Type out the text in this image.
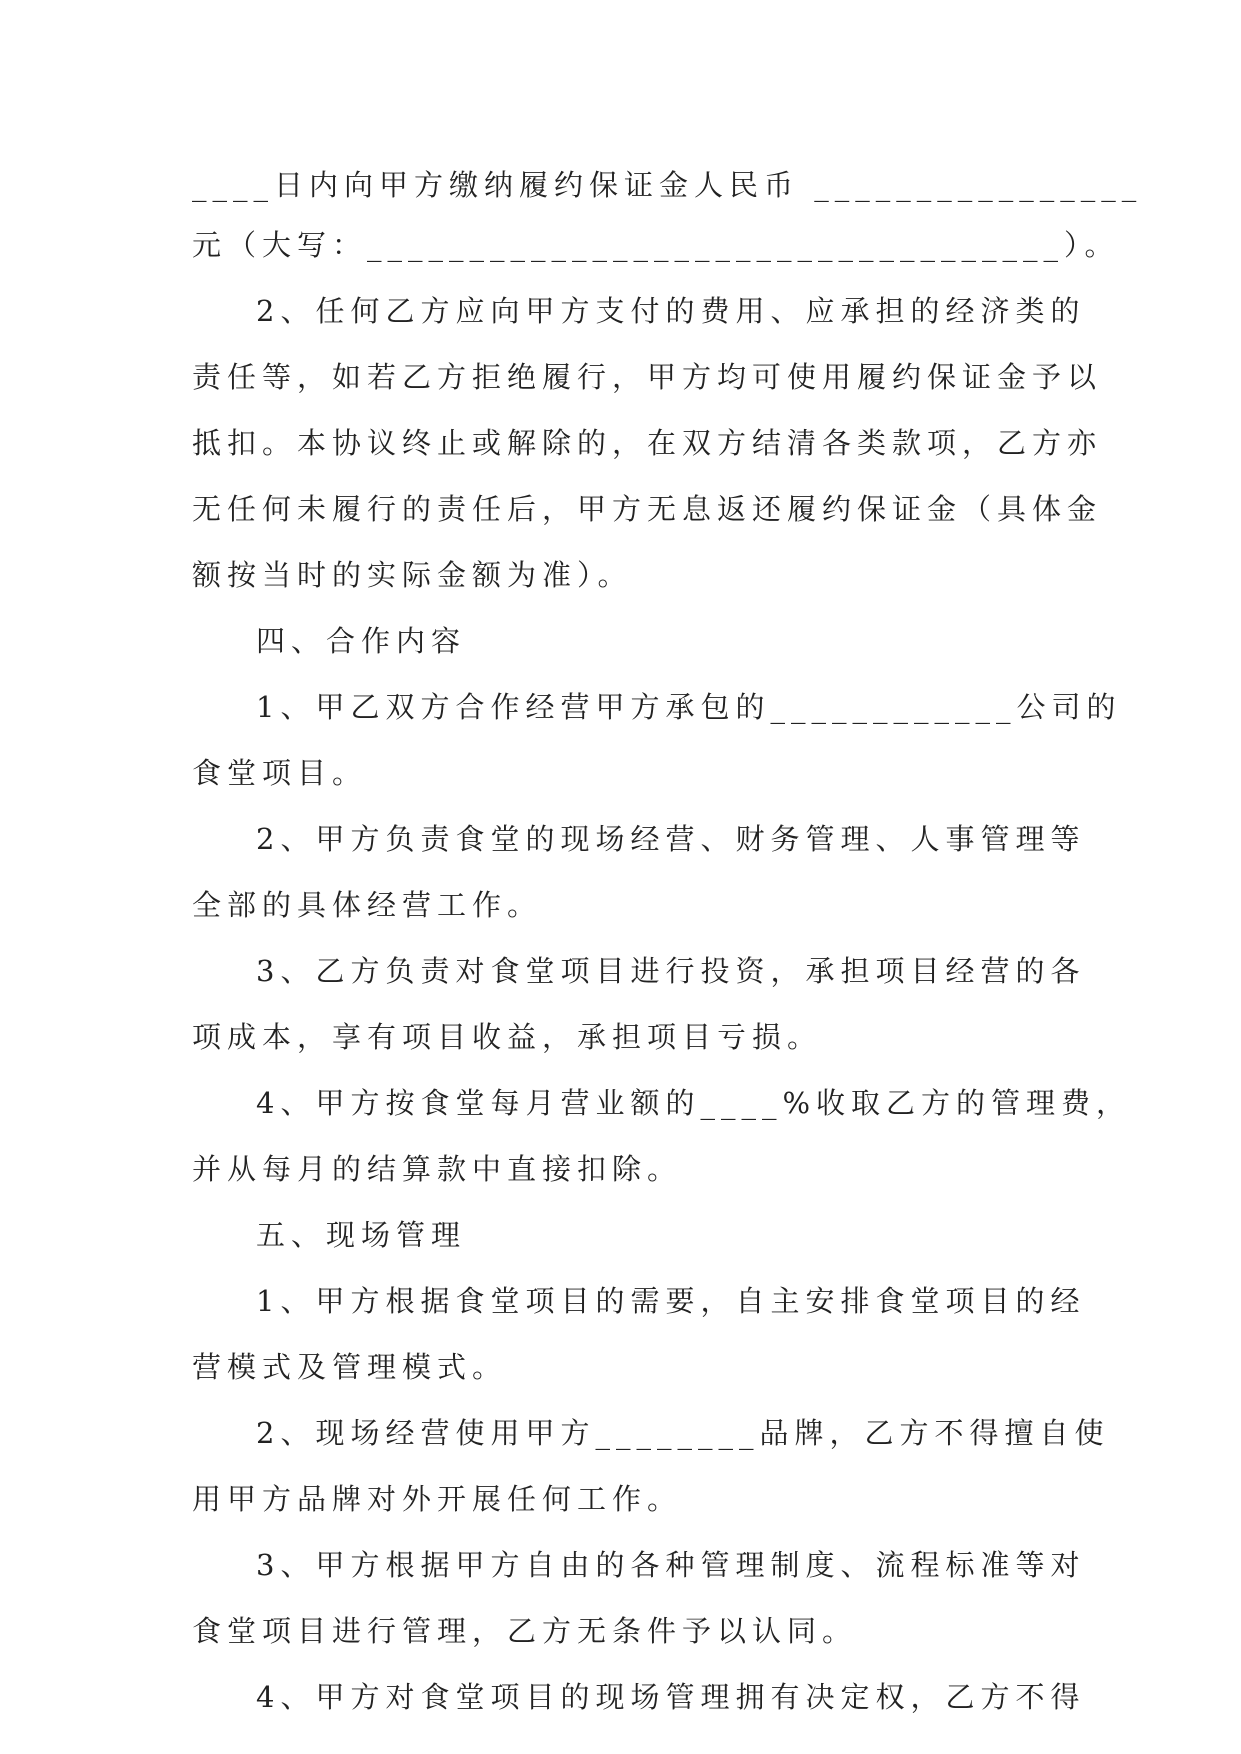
____日内向甲方缴纳履约保证金人民币 ________________
元（大写：__________________________________）。
2、任何乙方应向甲方支付的费用、应承担的经济类的
责任等，如若乙方拒绝履行，甲方均可使用履约保证金予以
抵扣。本协议终止或解除的，在双方结清各类款项，乙方亦
无任何未履行的责任后，甲方无息返还履约保证金（具体金
额按当时的实际金额为准）。
四、合作内容
1、甲乙双方合作经营甲方承包的____________公司的
食堂项目。
2、甲方负责食堂的现场经营、财务管理、人事管理等
全部的具体经营工作。
3、乙方负责对食堂项目进行投资，承担项目经营的各
项成本，享有项目收益，承担项目亏损。
4、甲方按食堂每月营业额的____%收取乙方的管理费，
并从每月的结算款中直接扣除。
五、现场管理
1、甲方根据食堂项目的需要，自主安排食堂项目的经
营模式及管理模式。
2、现场经营使用甲方________品牌，乙方不得擅自使
用甲方品牌对外开展任何工作。
3、甲方根据甲方自由的各种管理制度、流程标准等对
食堂项目进行管理，乙方无条件予以认同。
4、甲方对食堂项目的现场管理拥有决定权，乙方不得
